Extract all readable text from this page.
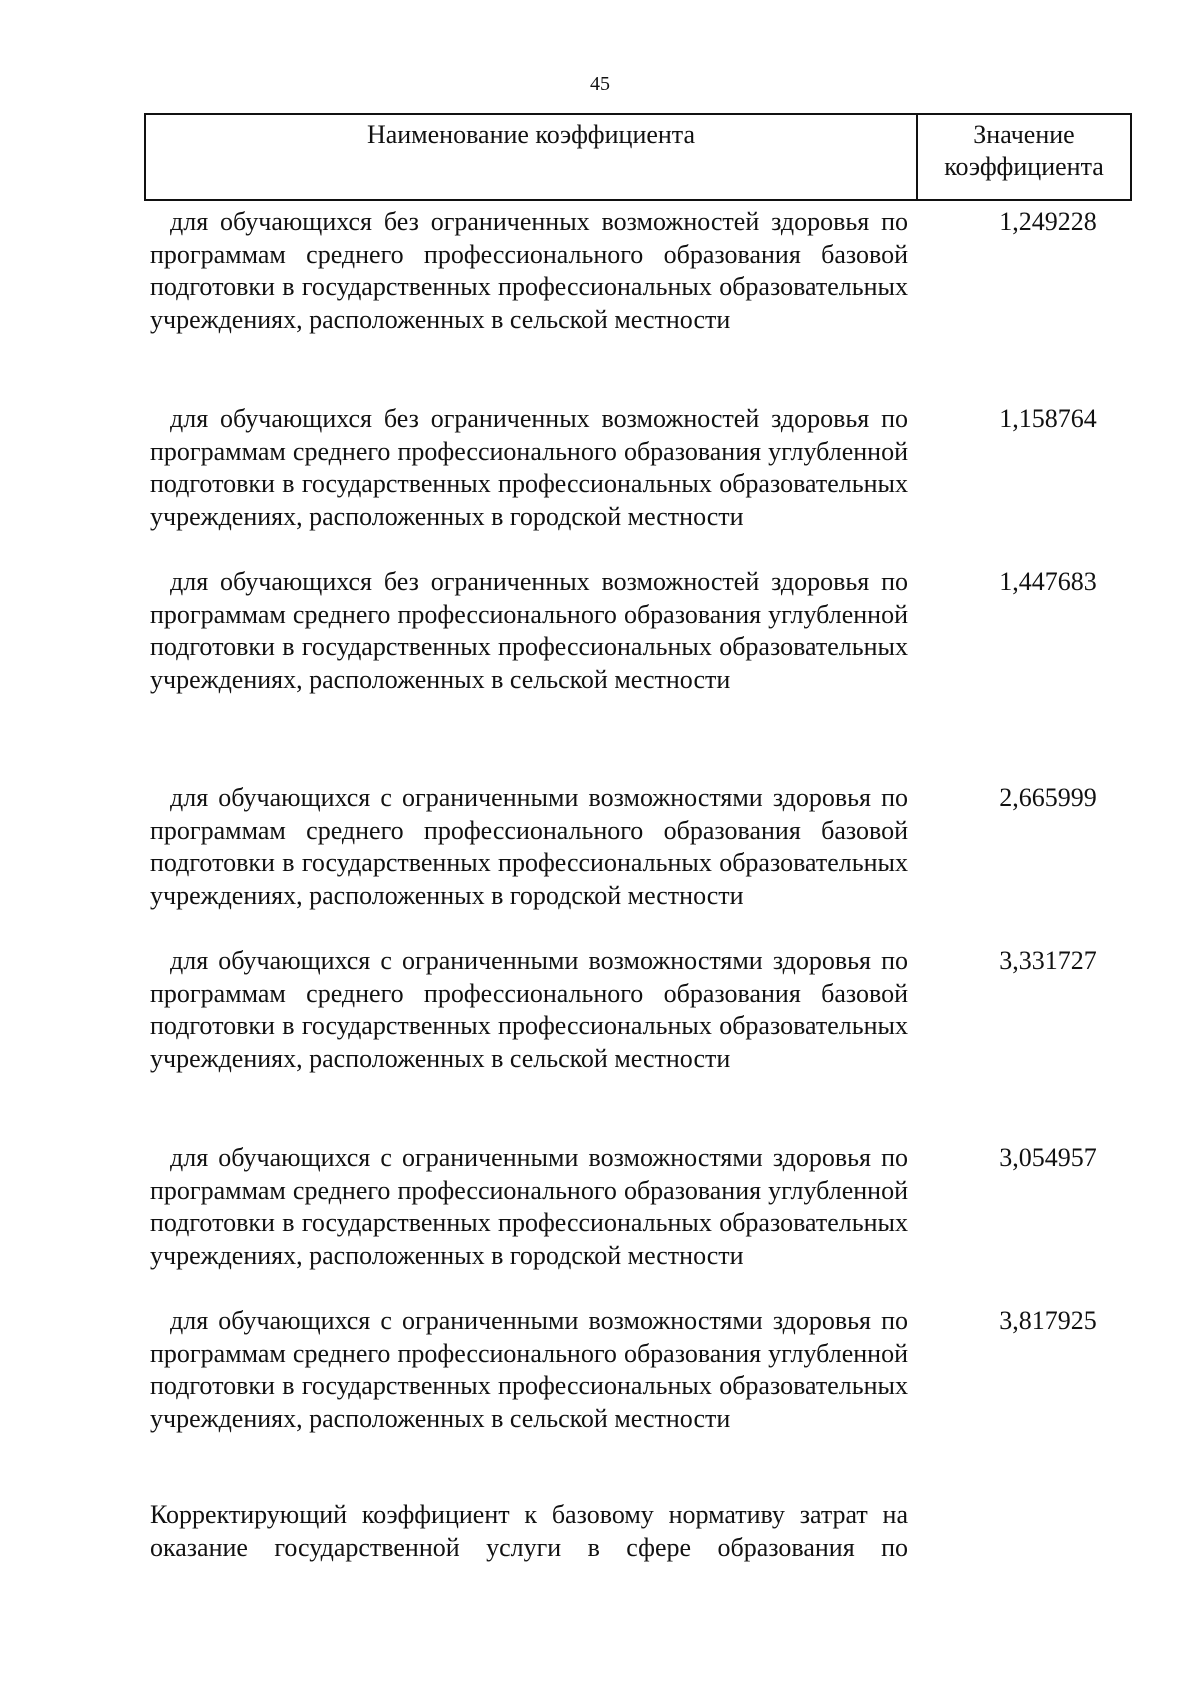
45
Наименование коэффициента	Значение коэффициента
для обучающихся без ограниченных возможностей здоровья по программам среднего профессионального образования базовой подготовки в государственных профессиональных образовательных учреждениях, расположенных в сельской местности
1,249228
для обучающихся без ограниченных возможностей здоровья по программам среднего профессионального образования углубленной подготовки в государственных профессиональных образовательных учреждениях, расположенных в городской местности
1,158764
для обучающихся без ограниченных возможностей здоровья по программам среднего профессионального образования углубленной подготовки в государственных профессиональных образовательных учреждениях, расположенных в сельской местности
1,447683
для обучающихся с ограниченными возможностями здоровья по программам среднего профессионального образования базовой подготовки в государственных профессиональных образовательных учреждениях, расположенных в городской местности
2,665999
для обучающихся с ограниченными возможностями здоровья по программам среднего профессионального образования базовой подготовки в государственных профессиональных образовательных учреждениях, расположенных в сельской местности
3,331727
для обучающихся с ограниченными возможностями здоровья по программам среднего профессионального образования углубленной подготовки в государственных профессиональных образовательных учреждениях, расположенных в городской местности
3,054957
для обучающихся с ограниченными возможностями здоровья по программам среднего профессионального образования углубленной подготовки в государственных профессиональных образовательных учреждениях, расположенных в сельской местности
3,817925
Корректирующий коэффициент к базовому нормативу затрат на оказание государственной услуги в сфере образования по
